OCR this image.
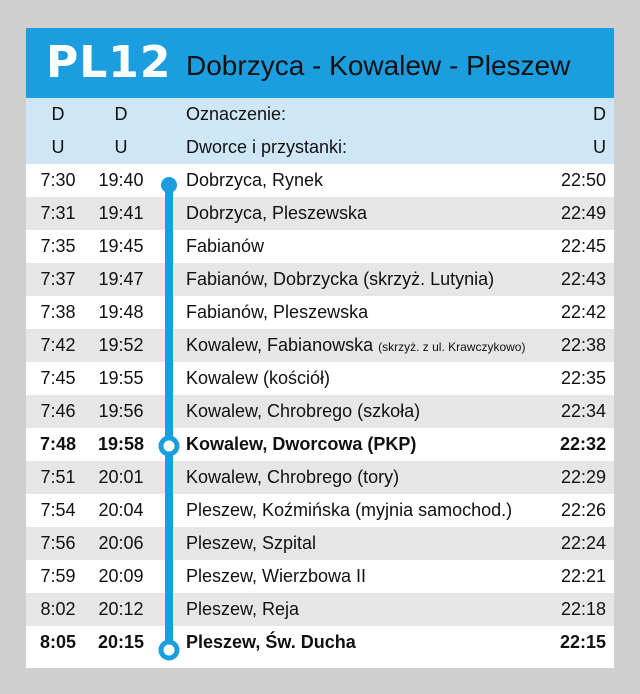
PL12 Dobrzyca - Kowalew - Pleszew
D	D	Oznaczenie:	D
U	U	Dworce i przystanki:	U
7:30	19:40	Dobrzyca, Rynek	22:50
7:31	19:41	Dobrzyca, Pleszewska	22:49
7:35	19:45	Fabianów	22:45
7:37	19:47	Fabianów, Dobrzycka (skrzyż. Lutynia)	22:43
7:38	19:48	Fabianów, Pleszewska	22:42
7:42	19:52	Kowalew, Fabianowska (skrzyż. z ul. Krawczykowo) 22:38
7:45	19:55	Kowalew (kościół)	22:35
7:46	19:56	Kowalew, Chrobrego (szkoła)	22:34
7:48	19:58	Kowalew, Dworcowa (PKP)	22:32
7:51	20:01	Kowalew, Chrobrego (tory)	22:29
7:54	20:04	Pleszew, Koźmińska (myjnia samochod.)	22:26
7:56	20:06	Pleszew, Szpital	22:24
7:59	20:09	Pleszew, Wierzbowa II	22:21
8:02	20:12	Pleszew, Reja	22:18
8:05	20:15	Pleszew, Św. Ducha	22:15
